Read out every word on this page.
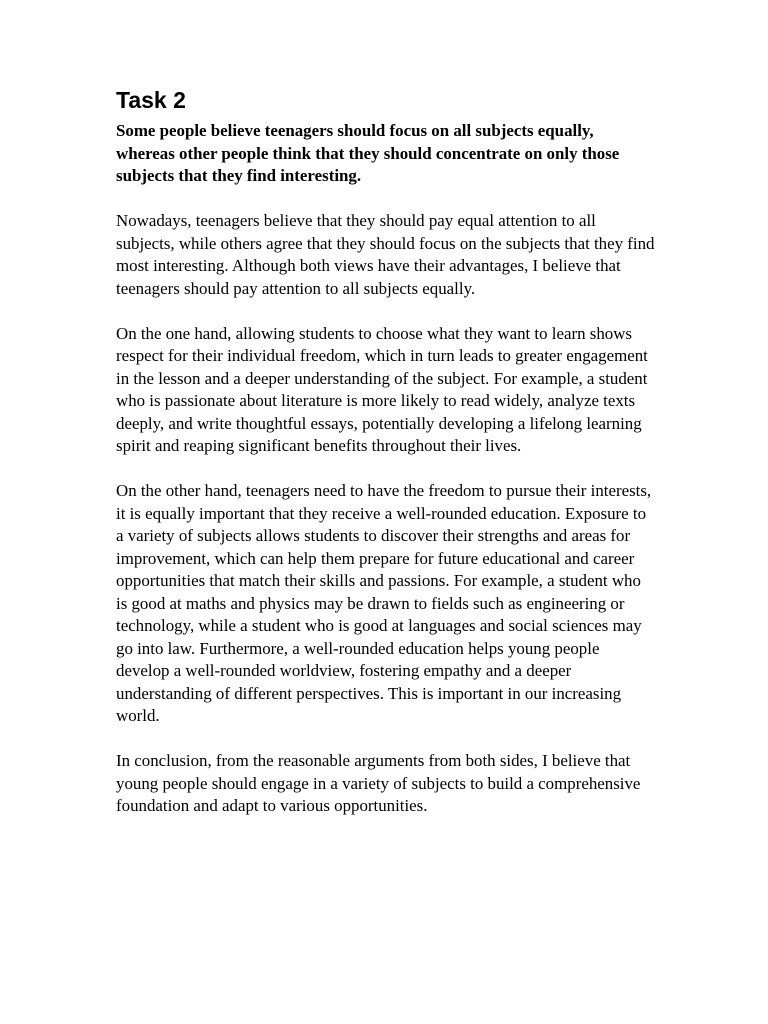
Task 2

Some people believe teenagers should focus on all subjects equally, whereas other people think that they should concentrate on only those subjects that they find interesting.

Nowadays, teenagers believe that they should pay equal attention to all subjects, while others agree that they should focus on the subjects that they find most interesting. Although both views have their advantages, I believe that teenagers should pay attention to all subjects equally.

On the one hand, allowing students to choose what they want to learn shows respect for their individual freedom, which in turn leads to greater engagement in the lesson and a deeper understanding of the subject. For example, a student who is passionate about literature is more likely to read widely, analyze texts deeply, and write thoughtful essays, potentially developing a lifelong learning spirit and reaping significant benefits throughout their lives.

On the other hand, teenagers need to have the freedom to pursue their interests, it is equally important that they receive a well-rounded education. Exposure to a variety of subjects allows students to discover their strengths and areas for improvement, which can help them prepare for future educational and career opportunities that match their skills and passions. For example, a student who is good at maths and physics may be drawn to fields such as engineering or technology, while a student who is good at languages and social sciences may go into law. Furthermore, a well-rounded education helps young people develop a well-rounded worldview, fostering empathy and a deeper understanding of different perspectives. This is important in our increasing world.

In conclusion, from the reasonable arguments from both sides, I believe that young people should engage in a variety of subjects to build a comprehensive foundation and adapt to various opportunities.
